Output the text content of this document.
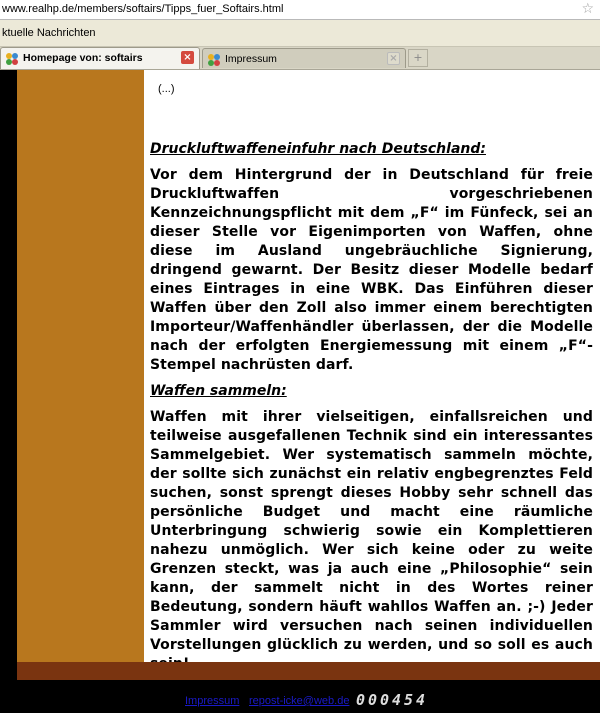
www.realhp.de/members/softairs/Tipps_fuer_Softairs.html	☆
ktuelle Nachrichten
Homepage von: softairs	×	Impressum	×	+
(...)
Druckluftwaffeneinfuhr nach Deutschland:
Vor dem Hintergrund der in Deutschland für freie Druckluftwaffen vorgeschriebenen Kennzeichnungspflicht mit dem „F“ im Fünfeck, sei an dieser Stelle vor Eigenimporten von Waffen, ohne diese im Ausland ungebräuchliche Signierung, dringend gewarnt. Der Besitz dieser Modelle bedarf eines Eintrages in eine WBK. Das Einführen dieser Waffen über den Zoll also immer einem berechtigten Importeur/Waffenhändler überlassen, der die Modelle nach der erfolgten Energiemessung mit einem „F“-Stempel nachrüsten darf.
Waffen sammeln:
Waffen mit ihrer vielseitigen, einfallsreichen und teilweise ausgefallenen Technik sind ein interessantes Sammelgebiet. Wer systematisch sammeln möchte, der sollte sich zunächst ein relativ engbegrenztes Feld suchen, sonst sprengt dieses Hobby sehr schnell das persönliche Budget und macht eine räumliche Unterbringung schwierig sowie ein Komplettieren nahezu unmöglich. Wer sich keine oder zu weite Grenzen steckt, was ja auch eine „Philosophie“ sein kann, der sammelt nicht in des Wortes reiner Bedeutung, sondern häuft wahllos Waffen an. ;-) Jeder Sammler wird versuchen nach seinen individuellen Vorstellungen glücklich zu werden, und so soll es auch
Impressum repost-icke@web.de 0 0 0 4 5 4
